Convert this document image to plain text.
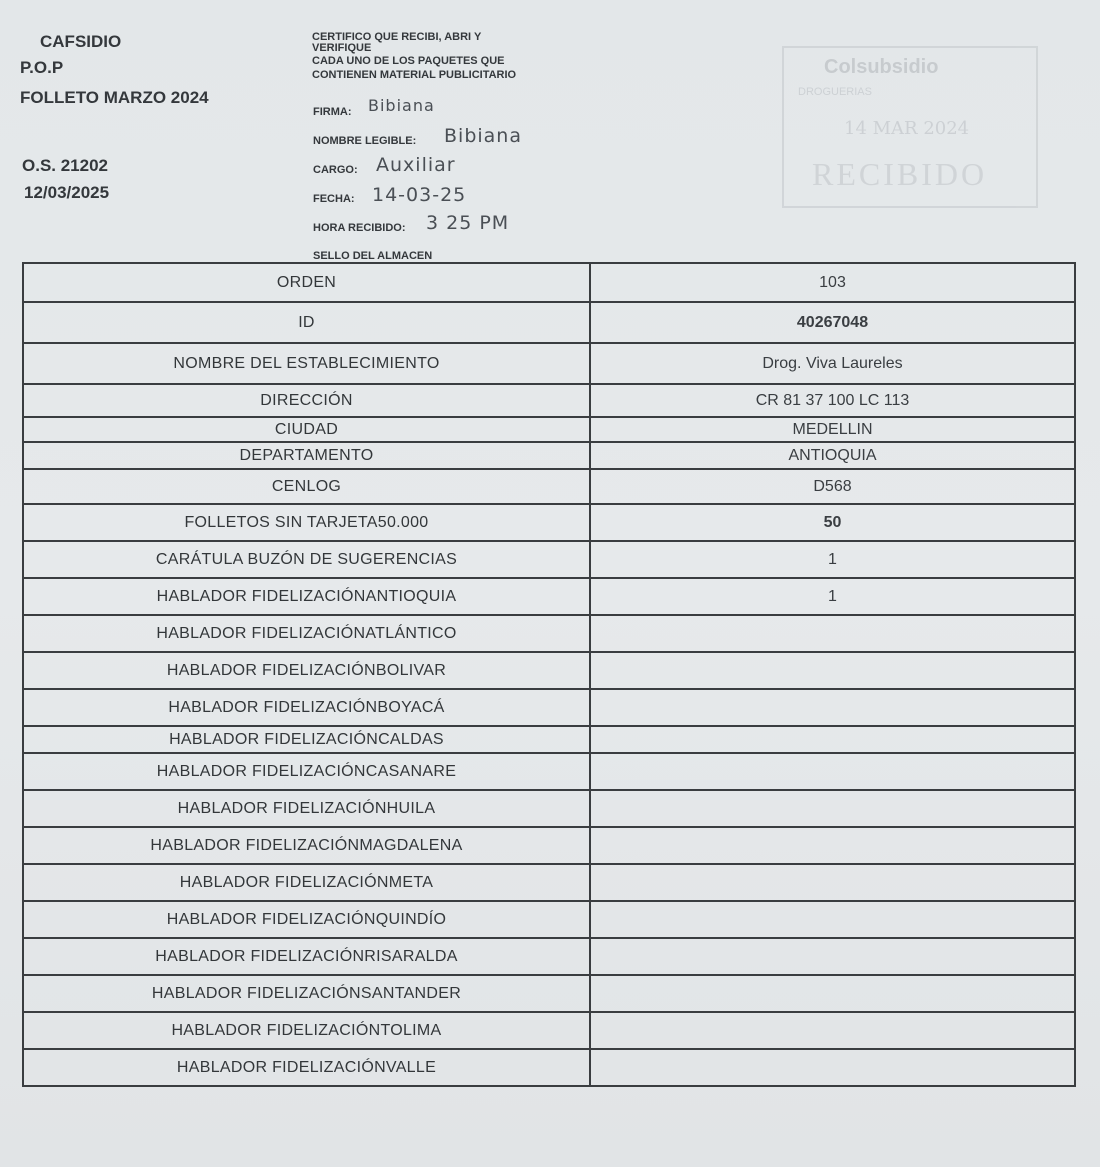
CAFSIDIO
P.O.P
FOLLETO MARZO 2024
O.S. 21202
12/03/2025
CERTIFICO QUE RECIBI, ABRI Y
VERIFIQUE
CADA UNO DE LOS PAQUETES QUE
CONTIENEN MATERIAL PUBLICITARIO
FIRMA: Bibiana
NOMBRE LEGIBLE: Bibiana
CARGO: Auxiliar
FECHA: 14-03-25
HORA RECIBIDO: 3 25 PM
SELLO DEL ALMACEN
Colsubsidio
DROGUERIAS
14 MAR 2024
RECIBIDO
ORDEN	103
ID	40267048
NOMBRE DEL ESTABLECIMIENTO	Drog. Viva Laureles
DIRECCIÓN	CR 81 37 100 LC 113
CIUDAD	MEDELLIN
DEPARTAMENTO	ANTIOQUIA
CENLOG	D568
FOLLETOS SIN TARJETA50.000	50
CARÁTULA BUZÓN DE SUGERENCIAS	1
HABLADOR FIDELIZACIÓNANTIOQUIA	1
HABLADOR FIDELIZACIÓNATLÁNTICO
HABLADOR FIDELIZACIÓNBOLIVAR
HABLADOR FIDELIZACIÓNBOYACÁ
HABLADOR FIDELIZACIÓNCALDAS
HABLADOR FIDELIZACIÓNCASANARE
HABLADOR FIDELIZACIÓNHUILA
HABLADOR FIDELIZACIÓNMAGDALENA
HABLADOR FIDELIZACIÓNMETA
HABLADOR FIDELIZACIÓNQUINDÍO
HABLADOR FIDELIZACIÓNRISARALDA
HABLADOR FIDELIZACIÓNSANTANDER
HABLADOR FIDELIZACIÓNTOLIMA
HABLADOR FIDELIZACIÓNVALLE
